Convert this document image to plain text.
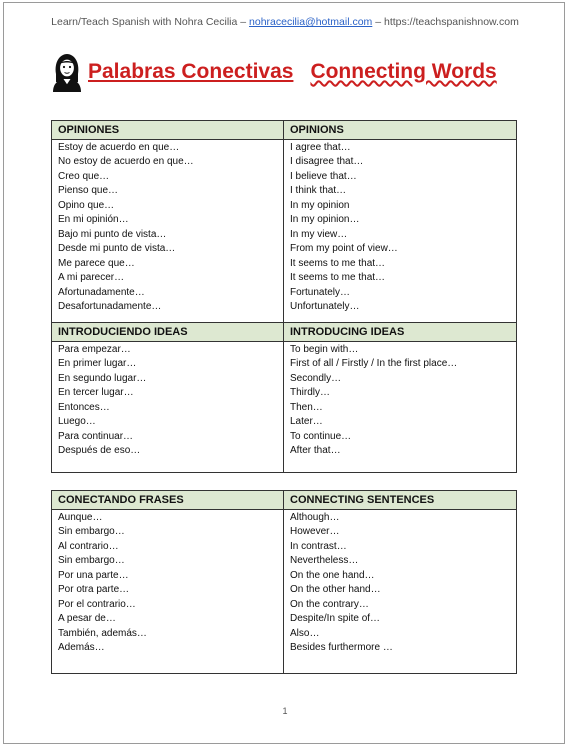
Learn/Teach Spanish with Nohra Cecilia – nohracecilia@hotmail.com – https://teachspanishnow.com
Palabras Conectivas Connecting Words
OPINIONES	OPINIONS
Estoy de acuerdo en que…	I agree that…
No estoy de acuerdo en que…	I disagree that…
Creo que…	I believe that…
Pienso que…	I think that…
Opino que…	In my opinion
En mi opinión…	In my opinion…
Bajo mi punto de vista…	In my view…
Desde mi punto de vista…	From my point of view…
Me parece que…	It seems to me that…
A mi parecer…	It seems to me that…
Afortunadamente…	Fortunately…
Desafortunadamente…	Unfortunately…

INTRODUCIENDO IDEAS	INTRODUCING IDEAS
Para empezar…	To begin with…
En primer lugar…	First of all / Firstly / In the first place…
En segundo lugar…	Secondly…
En tercer lugar…	Thirdly…
Entonces…	Then…
Luego…	Later…
Para continuar…	To continue…
Después de eso…	After that…

CONECTANDO FRASES	CONNECTING SENTENCES
Aunque…	Although…
Sin embargo…	However…
Al contrario…	In contrast…
Sin embargo…	Nevertheless…
Por una parte…	On the one hand…
Por otra parte…	On the other hand…
Por el contrario…	On the contrary…
A pesar de…	Despite/In spite of…
También, además…	Also…
Además…	Besides furthermore …

1
